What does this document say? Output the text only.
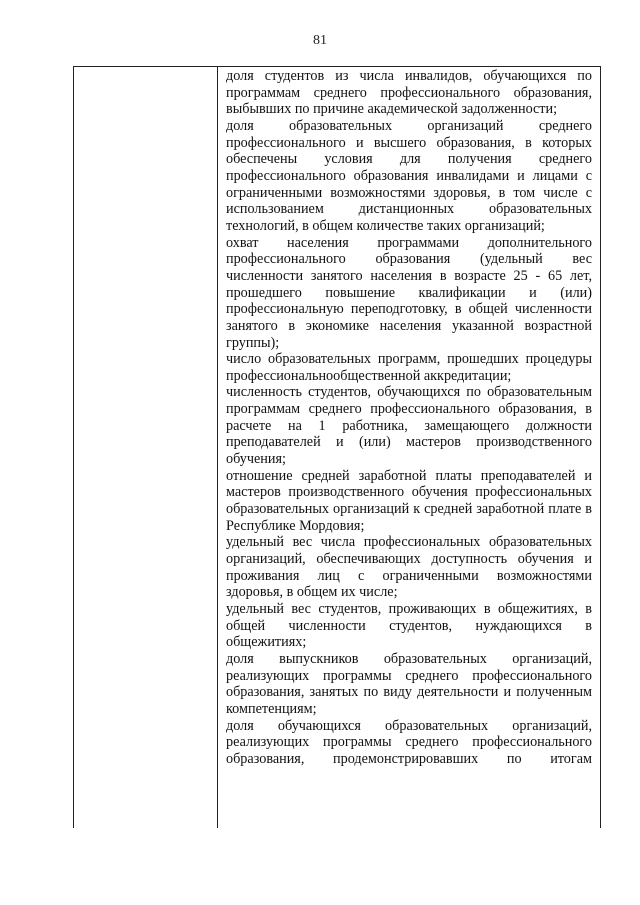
81

доля студентов из числа инвалидов, обучающихся по программам среднего профессионального образования, выбывших по причине академической задолженности;

доля образовательных организаций среднего профессионального и высшего образования, в которых обеспечены условия для получения среднего профессионального образования инвалидами и лицами с ограниченными возможностями здоровья, в том числе с использованием дистанционных образовательных технологий, в общем количестве таких организаций;

охват населения программами дополнительного профессионального образования (удельный вес численности занятого населения в возрасте 25 - 65 лет, прошедшего повышение квалификации и (или) профессиональную переподготовку, в общей численности занятого в экономике населения указанной возрастной группы);

число образовательных программ, прошедших процедуры профессиональнообщественной аккредитации;

численность студентов, обучающихся по образовательным программам среднего профессионального образования, в расчете на 1 работника, замещающего должности преподавателей и (или) мастеров производственного обучения;

отношение средней заработной платы преподавателей и мастеров производственного обучения профессиональных образовательных организаций к средней заработной плате в Республике Мордовия;

удельный вес числа профессиональных образовательных организаций, обеспечивающих доступность обучения и проживания лиц с ограниченными возможностями здоровья, в общем их числе;

удельный вес студентов, проживающих в общежитиях, в общей численности студентов, нуждающихся в общежитиях;

доля выпускников образовательных организаций, реализующих программы среднего профессионального образования, занятых по виду деятельности и полученным компетенциям;

доля обучающихся образовательных организаций, реализующих программы среднего профессионального образования, продемонстрировавших по итогам
